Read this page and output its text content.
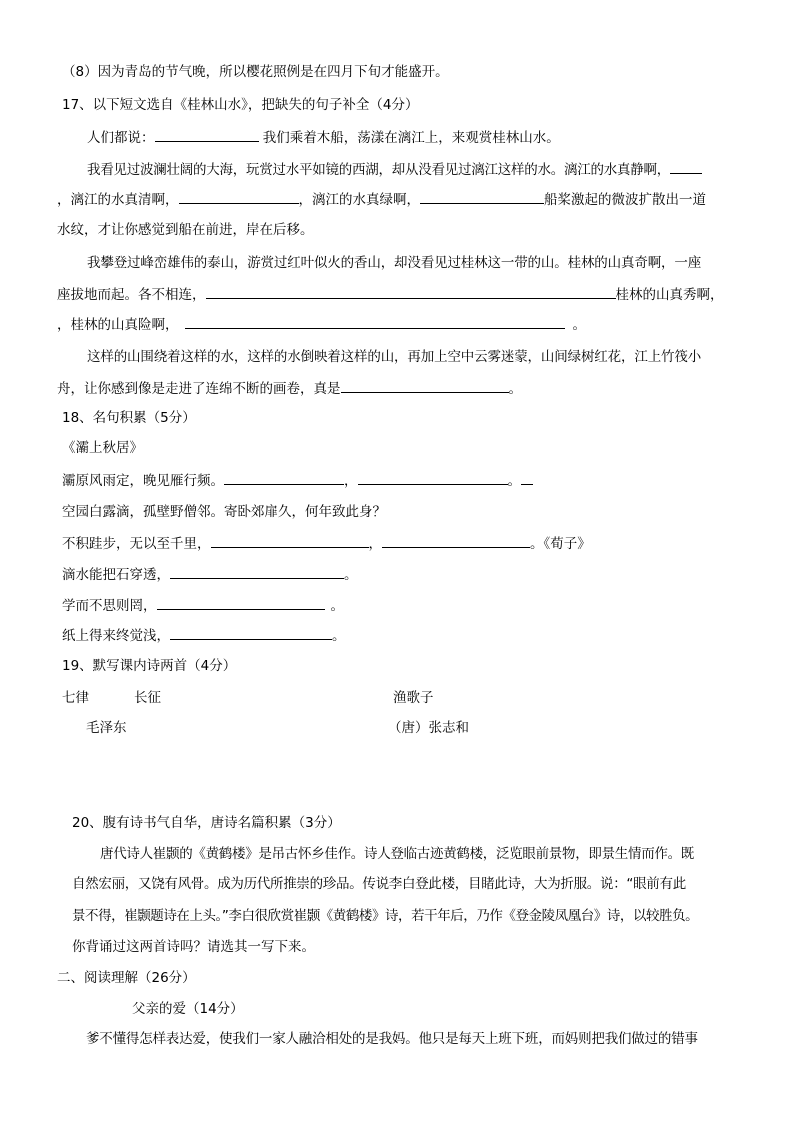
（8）因为青岛的节气晚，所以樱花照例是在四月下旬才能盛开。
17、以下短文选自《桂林山水》，把缺失的句子补全（4分）
人们都说：	我们乘着木船，荡漾在漓江上，来观赏桂林山水。
我看见过波澜壮阔的大海，玩赏过水平如镜的西湖，却从没看见过漓江这样的水。漓江的水真静啊，
，漓江的水真清啊，	，漓江的水真绿啊，	船桨激起的微波扩散出一道
水纹，才让你感觉到船在前进，岸在后移。
我攀登过峰峦雄伟的泰山，游赏过红叶似火的香山，却没看见过桂林这一带的山。桂林的山真奇啊，一座
座拔地而起。各不相连，	桂林的山真秀啊，
，桂林的山真险啊，	。
这样的山围绕着这样的水，这样的水倒映着这样的山，再加上空中云雾迷蒙，山间绿树红花，江上竹筏小
舟，让你感到像是走进了连绵不断的画卷，真是	。
18、名句积累（5分）
《灞上秋居》
灞原风雨定，晚见雁行频。	，	。
空园白露滴，孤壁野僧邻。寄卧郊扉久，何年致此身？
不积跬步，无以至千里，	，	。《荀子》
滴水能把石穿透，	。
学而不思则罔，	。
纸上得来终觉浅，	。
19、默写课内诗两首（4分）
七律	长征
毛泽东
渔歌子
（唐）张志和
20、腹有诗书气自华，唐诗名篇积累（3分）
唐代诗人崔颢的《黄鹤楼》是吊古怀乡佳作。诗人登临古迹黄鹤楼，泛览眼前景物，即景生情而作。既
自然宏丽，又饶有风骨。成为历代所推崇的珍品。传说李白登此楼，目睹此诗，大为折服。说：“眼前有此
景不得，崔颢题诗在上头。”李白很欣赏崔颢《黄鹤楼》诗，若干年后，乃作《登金陵凤凰台》诗，以较胜负。
你背诵过这两首诗吗？请选其一写下来。
二、阅读理解（26分）
父亲的爱（14分）
爹不懂得怎样表达爱，使我们一家人融洽相处的是我妈。他只是每天上班下班，而妈则把我们做过的错事
